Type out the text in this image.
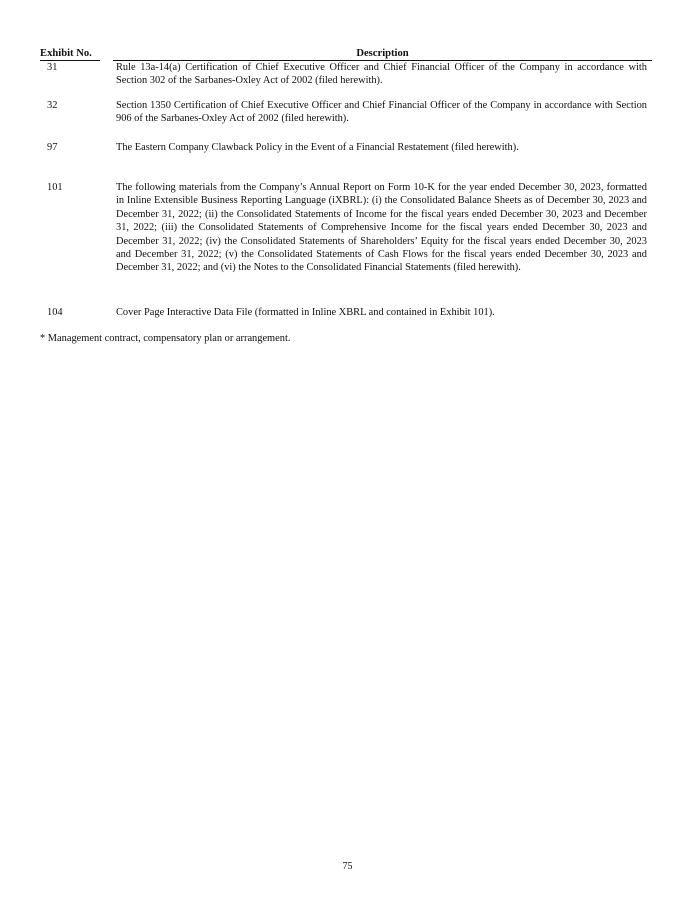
Exhibit No.	Description
31	Rule 13a-14(a) Certification of Chief Executive Officer and Chief Financial Officer of the Company in accordance with Section 302 of the Sarbanes-Oxley Act of 2002 (filed herewith).
32	Section 1350 Certification of Chief Executive Officer and Chief Financial Officer of the Company in accordance with Section 906 of the Sarbanes-Oxley Act of 2002 (filed herewith).
97	The Eastern Company Clawback Policy in the Event of a Financial Restatement (filed herewith).
101	The following materials from the Company’s Annual Report on Form 10-K for the year ended December 30, 2023, formatted in Inline Extensible Business Reporting Language (iXBRL): (i) the Consolidated Balance Sheets as of December 30, 2023 and December 31, 2022; (ii) the Consolidated Statements of Income for the fiscal years ended December 30, 2023 and December 31, 2022; (iii) the Consolidated Statements of Comprehensive Income for the fiscal years ended December 30, 2023 and December 31, 2022; (iv) the Consolidated Statements of Shareholders’ Equity for the fiscal years ended December 30, 2023 and December 31, 2022; (v) the Consolidated Statements of Cash Flows for the fiscal years ended December 30, 2023 and December 31, 2022; and (vi) the Notes to the Consolidated Financial Statements (filed herewith).
104	Cover Page Interactive Data File (formatted in Inline XBRL and contained in Exhibit 101).
* Management contract, compensatory plan or arrangement.
75
